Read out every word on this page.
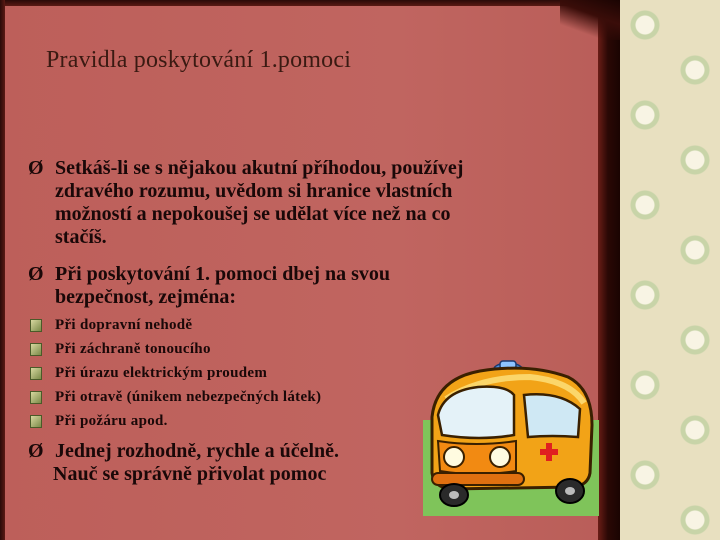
Pravidla poskytování 1.pomoci
Ø Setkáš-li se s nějakou akutní příhodou, používej
zdravého rozumu, uvědom si hranice vlastních
možností a nepokoušej se udělat více než na co
stačíš.
Ø Při poskytování 1. pomoci dbej na svou
bezpečnost, zejména:
Při dopravní nehodě
Při záchraně tonoucího
Při úrazu elektrickým proudem
Při otravě (únikem nebezpečných látek)
Při požáru apod.
Ø Jednej rozhodně, rychle a účelně.
Nauč se správně přivolat pomoc
